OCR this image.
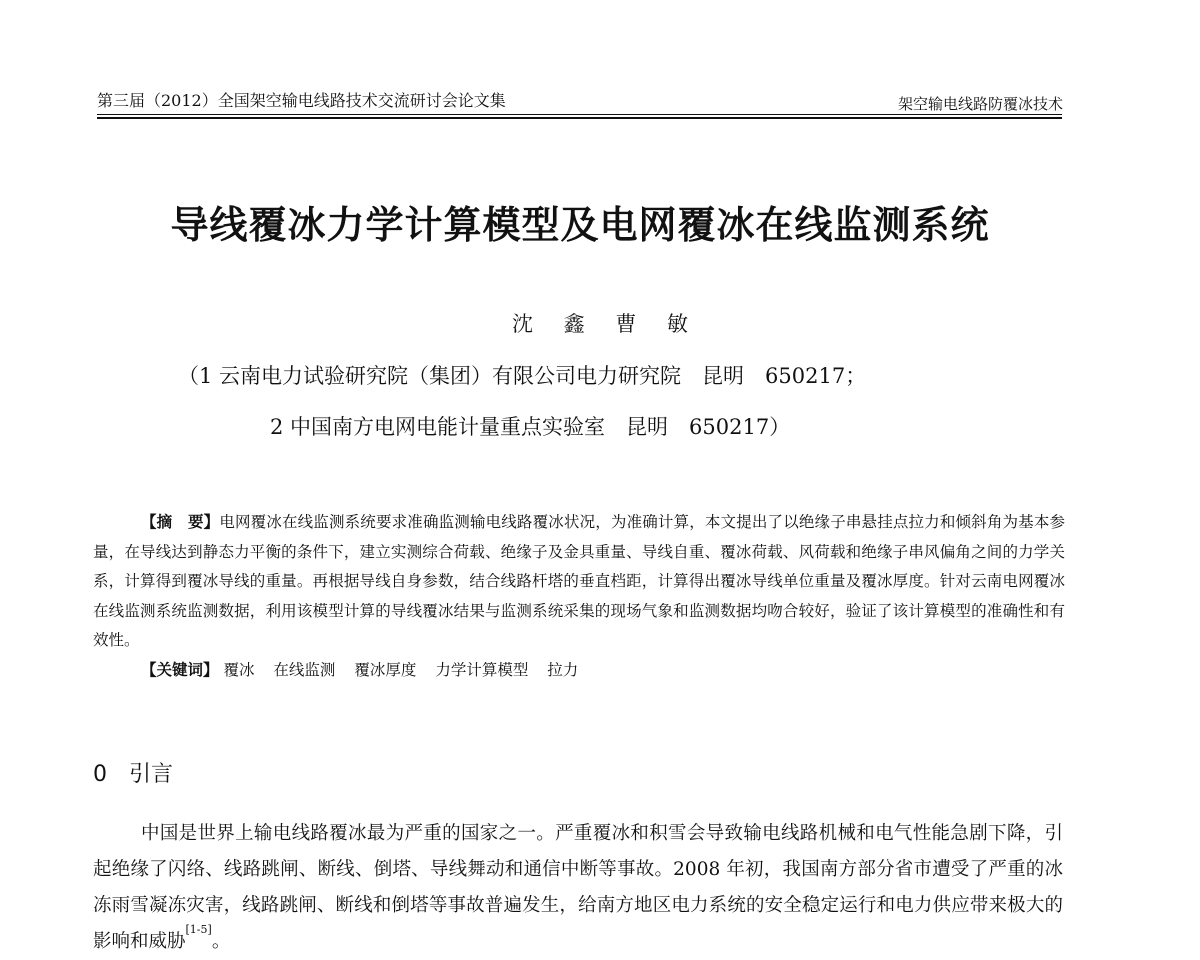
第三届（2012）全国架空输电线路技术交流研讨会论文集	架空输电线路防覆冰技术
导线覆冰力学计算模型及电网覆冰在线监测系统
沈 鑫 曹 敏
（1 云南电力试验研究院（集团）有限公司电力研究院　昆明　650217；
2 中国南方电网电能计量重点实验室　昆明　650217）

【摘　要】电网覆冰在线监测系统要求准确监测输电线路覆冰状况，为准确计算，本文提出了以绝缘子串悬挂点拉力和倾斜角为基本参量，在导线达到静态力平衡的条件下，建立实测综合荷载、绝缘子及金具重量、导线自重、覆冰荷载、风荷载和绝缘子串风偏角之间的力学关系，计算得到覆冰导线的重量。再根据导线自身参数，结合线路杆塔的垂直档距，计算得出覆冰导线单位重量及覆冰厚度。针对云南电网覆冰在线监测系统监测数据，利用该模型计算的导线覆冰结果与监测系统采集的现场气象和监测数据均吻合较好，验证了该计算模型的准确性和有效性。

【关键词】 覆冰 在线监测 覆冰厚度 力学计算模型 拉力
0 引言

中国是世界上输电线路覆冰最为严重的国家之一。严重覆冰和积雪会导致输电线路机械和电气性能急剧下降，引起绝缘了闪络、线路跳闸、断线、倒塔、导线舞动和通信中断等事故。2008 年初，我国南方部分省市遭受了严重的冰冻雨雪凝冻灾害，线路跳闸、断线和倒塔等事故普遍发生，给南方地区电力系统的安全稳定运行和电力供应带来极大的影响和威胁[1-5]。
